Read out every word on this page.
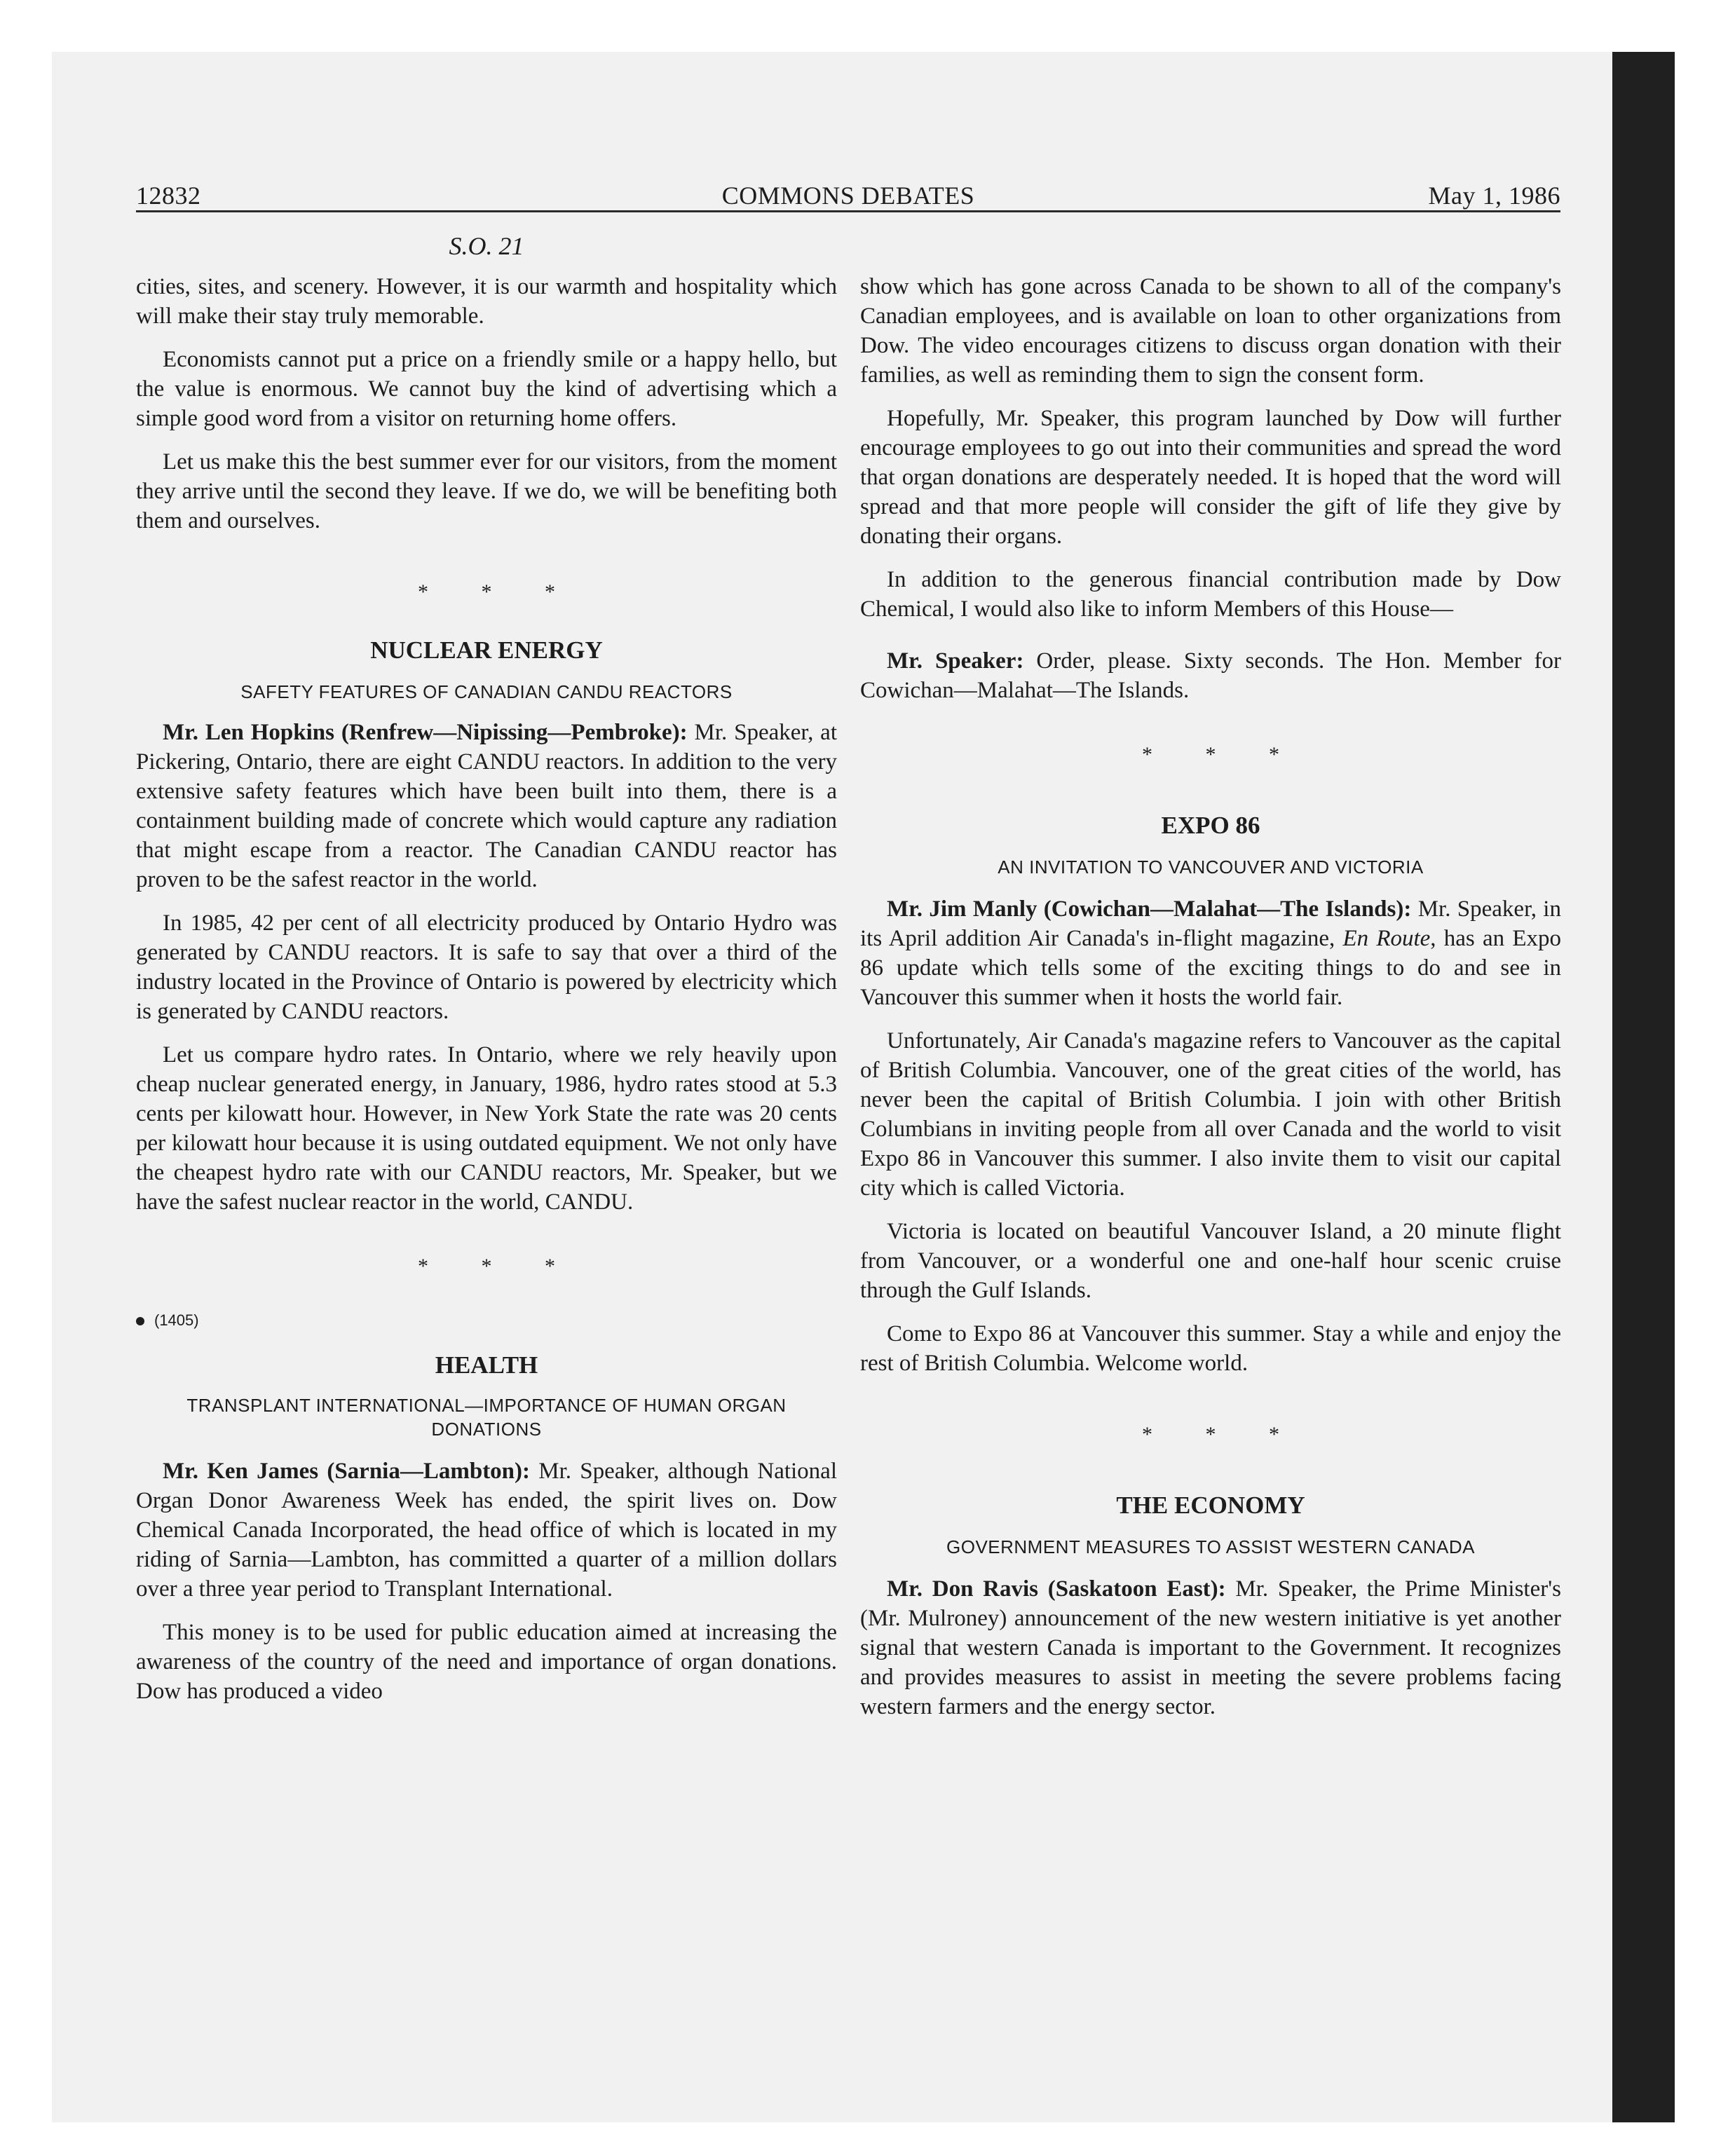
12832	COMMONS DEBATES	May 1, 1986

S.O. 21

cities, sites, and scenery. However, it is our warmth and hospitality which will make their stay truly memorable.

Economists cannot put a price on a friendly smile or a happy hello, but the value is enormous. We cannot buy the kind of advertising which a simple good word from a visitor on returning home offers.

Let us make this the best summer ever for our visitors, from the moment they arrive until the second they leave. If we do, we will be benefiting both them and ourselves.

* * *

NUCLEAR ENERGY

SAFETY FEATURES OF CANADIAN CANDU REACTORS

Mr. Len Hopkins (Renfrew—Nipissing—Pembroke): Mr. Speaker, at Pickering, Ontario, there are eight CANDU reactors. In addition to the very extensive safety features which have been built into them, there is a containment building made of concrete which would capture any radiation that might escape from a reactor. The Canadian CANDU reactor has proven to be the safest reactor in the world.

In 1985, 42 per cent of all electricity produced by Ontario Hydro was generated by CANDU reactors. It is safe to say that over a third of the industry located in the Province of Ontario is powered by electricity which is generated by CANDU reactors.

Let us compare hydro rates. In Ontario, where we rely heavily upon cheap nuclear generated energy, in January, 1986, hydro rates stood at 5.3 cents per kilowatt hour. However, in New York State the rate was 20 cents per kilowatt hour because it is using outdated equipment. We not only have the cheapest hydro rate with our CANDU reactors, Mr. Speaker, but we have the safest nuclear reactor in the world, CANDU.

* * *

(1405)

HEALTH

TRANSPLANT INTERNATIONAL—IMPORTANCE OF HUMAN ORGAN DONATIONS

Mr. Ken James (Sarnia—Lambton): Mr. Speaker, although National Organ Donor Awareness Week has ended, the spirit lives on. Dow Chemical Canada Incorporated, the head office of which is located in my riding of Sarnia—Lambton, has committed a quarter of a million dollars over a three year period to Transplant International.

This money is to be used for public education aimed at increasing the awareness of the country of the need and importance of organ donations. Dow has produced a video

show which has gone across Canada to be shown to all of the company's Canadian employees, and is available on loan to other organizations from Dow. The video encourages citizens to discuss organ donation with their families, as well as reminding them to sign the consent form.

Hopefully, Mr. Speaker, this program launched by Dow will further encourage employees to go out into their communities and spread the word that organ donations are desperately needed. It is hoped that the word will spread and that more people will consider the gift of life they give by donating their organs.

In addition to the generous financial contribution made by Dow Chemical, I would also like to inform Members of this House—

Mr. Speaker: Order, please. Sixty seconds. The Hon. Member for Cowichan—Malahat—The Islands.

* * *

EXPO 86

AN INVITATION TO VANCOUVER AND VICTORIA

Mr. Jim Manly (Cowichan—Malahat—The Islands): Mr. Speaker, in its April addition Air Canada's in-flight magazine, En Route, has an Expo 86 update which tells some of the exciting things to do and see in Vancouver this summer when it hosts the world fair.

Unfortunately, Air Canada's magazine refers to Vancouver as the capital of British Columbia. Vancouver, one of the great cities of the world, has never been the capital of British Columbia. I join with other British Columbians in inviting people from all over Canada and the world to visit Expo 86 in Vancouver this summer. I also invite them to visit our capital city which is called Victoria.

Victoria is located on beautiful Vancouver Island, a 20 minute flight from Vancouver, or a wonderful one and one-half hour scenic cruise through the Gulf Islands.

Come to Expo 86 at Vancouver this summer. Stay a while and enjoy the rest of British Columbia. Welcome world.

* * *

THE ECONOMY

GOVERNMENT MEASURES TO ASSIST WESTERN CANADA

Mr. Don Ravis (Saskatoon East): Mr. Speaker, the Prime Minister's (Mr. Mulroney) announcement of the new western initiative is yet another signal that western Canada is important to the Government. It recognizes and provides measures to assist in meeting the severe problems facing western farmers and the energy sector.
